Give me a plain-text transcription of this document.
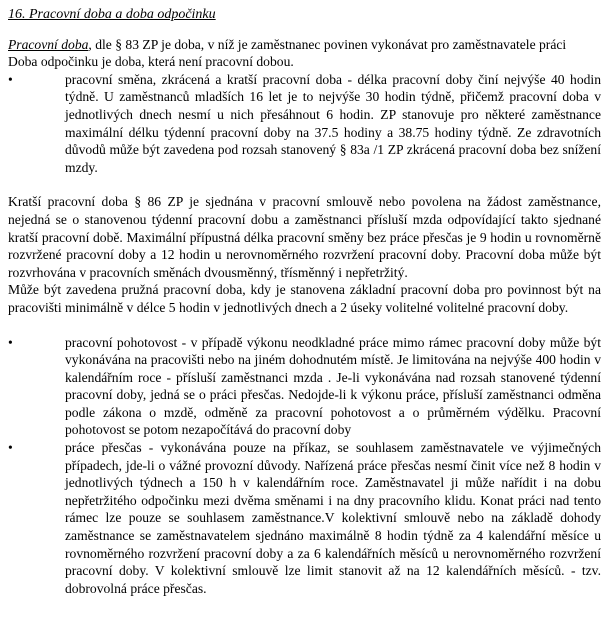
16. Pracovní doba a doba odpočinku

Pracovní doba, dle § 83 ZP je doba, v níž je zaměstnanec povinen vykonávat pro zaměstnavatele práci

Doba odpočinku je doba, která není pracovní dobou.

•
pracovní směna, zkrácená a kratší pracovní doba - délka pracovní doby činí nejvýše 40 hodin týdně. U zaměstnanců mladších 16 let je to nejvýše 30 hodin týdně, přičemž pracovní doba v jednotlivých dnech nesmí u nich přesáhnout 6 hodin. ZP stanovuje pro některé zaměstnance maximální délku týdenní pracovní doby na 37.5 hodiny a 38.75 hodiny týdně. Ze zdravotních důvodů může být zavedena pod rozsah stanovený § 83a /1 ZP zkrácená pracovní doba bez snížení mzdy.

Kratší pracovní doba § 86 ZP je sjednána v pracovní smlouvě nebo povolena na žádost zaměstnance, nejedná se o stanovenou týdenní pracovní dobu a zaměstnanci přísluší mzda odpovídající takto sjednané kratší pracovní době. Maximální přípustná délka pracovní směny bez práce přesčas je 9 hodin u rovnoměrně rozvržené pracovní doby a 12 hodin u nerovnoměrného rozvržení pracovní doby. Pracovní doba může být rozvrhována v pracovních směnách dvousměnný, třísměnný i nepřetržitý.

Může být zavedena pružná pracovní doba, kdy je stanovena základní pracovní doba pro povinnost být na pracovišti minimálně v délce 5 hodin v jednotlivých dnech a 2 úseky volitelné volitelné pracovní doby.

•
pracovní pohotovost - v případě výkonu neodkladné práce mimo rámec pracovní doby může být vykonávána na pracovišti nebo na jiném dohodnutém místě. Je limitována na nejvýše 400 hodin v kalendářním roce - přísluší zaměstnanci mzda . Je-li vykonávána nad rozsah stanovené týdenní pracovní doby, jedná se o práci přesčas. Nedojde-li k výkonu práce, přísluší zaměstnanci odměna podle zákona o mzdě, odměně za pracovní pohotovost a o průměrném výdělku. Pracovní pohotovost se potom nezapočítává do pracovní doby
•
práce přesčas - vykonávána pouze na příkaz, se souhlasem zaměstnavatele ve výjimečných případech, jde-li o vážné provozní důvody. Nařízená práce přesčas nesmí činit více než 8 hodin v jednotlivých týdnech a 150 h v kalendářním roce. Zaměstnavatel ji může nařídit i na dobu nepřetržitého odpočinku mezi dvěma směnami i na dny pracovního klidu. Konat práci nad tento rámec lze pouze se souhlasem zaměstnance.V kolektivní smlouvě nebo na základě dohody zaměstnance se zaměstnavatelem sjednáno maximálně 8 hodin týdně za 4 kalendářní měsíce u rovnoměrného rozvržení pracovní doby a za 6 kalendářních měsíců u nerovnoměrného rozvržení pracovní doby. V kolektivní smlouvě lze limit stanovit až na 12 kalendářních měsíců. - tzv. dobrovolná práce přesčas.
